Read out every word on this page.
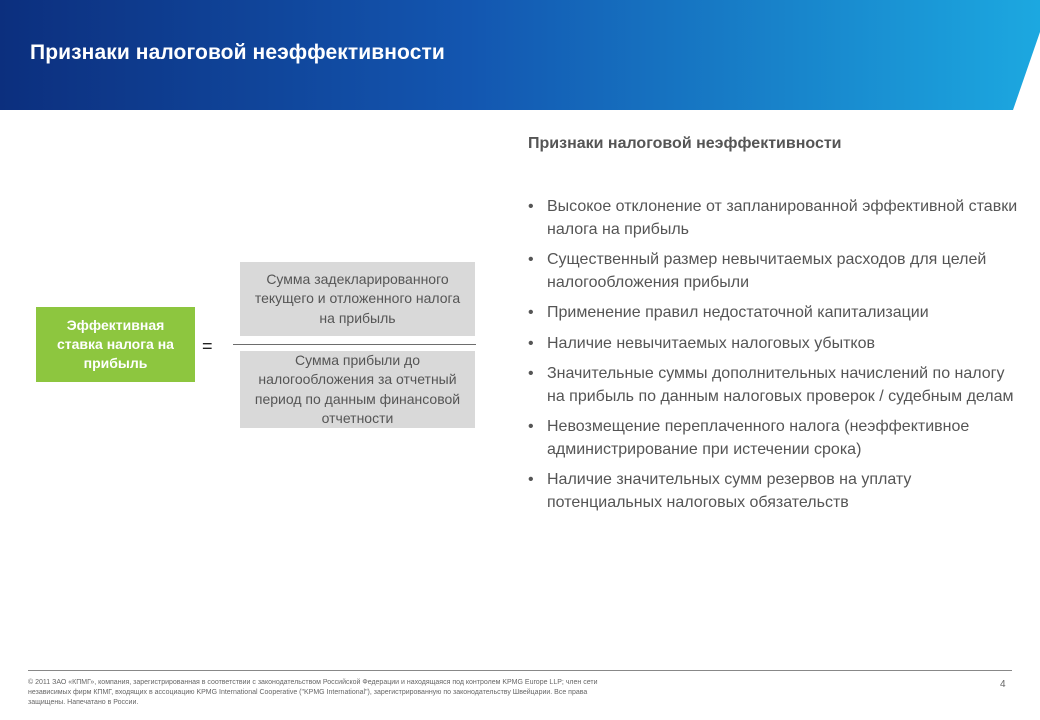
Признаки налоговой неэффективности
Эффективная ставка налога на прибыль
=
Сумма задекларированного текущего и отложенного налога на прибыль
Сумма прибыли до налогообложения за отчетный период по данным финансовой отчетности
Признаки налоговой неэффективности
• Высокое отклонение от запланированной эффективной ставки налога на прибыль
• Существенный размер невычитаемых расходов для целей налогообложения прибыли
• Применение правил недостаточной капитализации
• Наличие невычитаемых налоговых убытков
• Значительные суммы дополнительных начислений по налогу на прибыль по данным налоговых проверок / судебным делам
• Невозмещение переплаченного налога (неэффективное администрирование при истечении срока)
• Наличие значительных сумм резервов на уплату потенциальных налоговых обязательств
© 2011 ЗАО «КПМГ», компания, зарегистрированная в соответствии с законодательством Российской Федерации и находящаяся под контролем KPMG Europe LLP; член сети независимых фирм КПМГ, входящих в ассоциацию KPMG International Cooperative ("KPMG International"), зарегистрированную по законодательству Швейцарии. Все права защищены. Напечатано в России.
4
